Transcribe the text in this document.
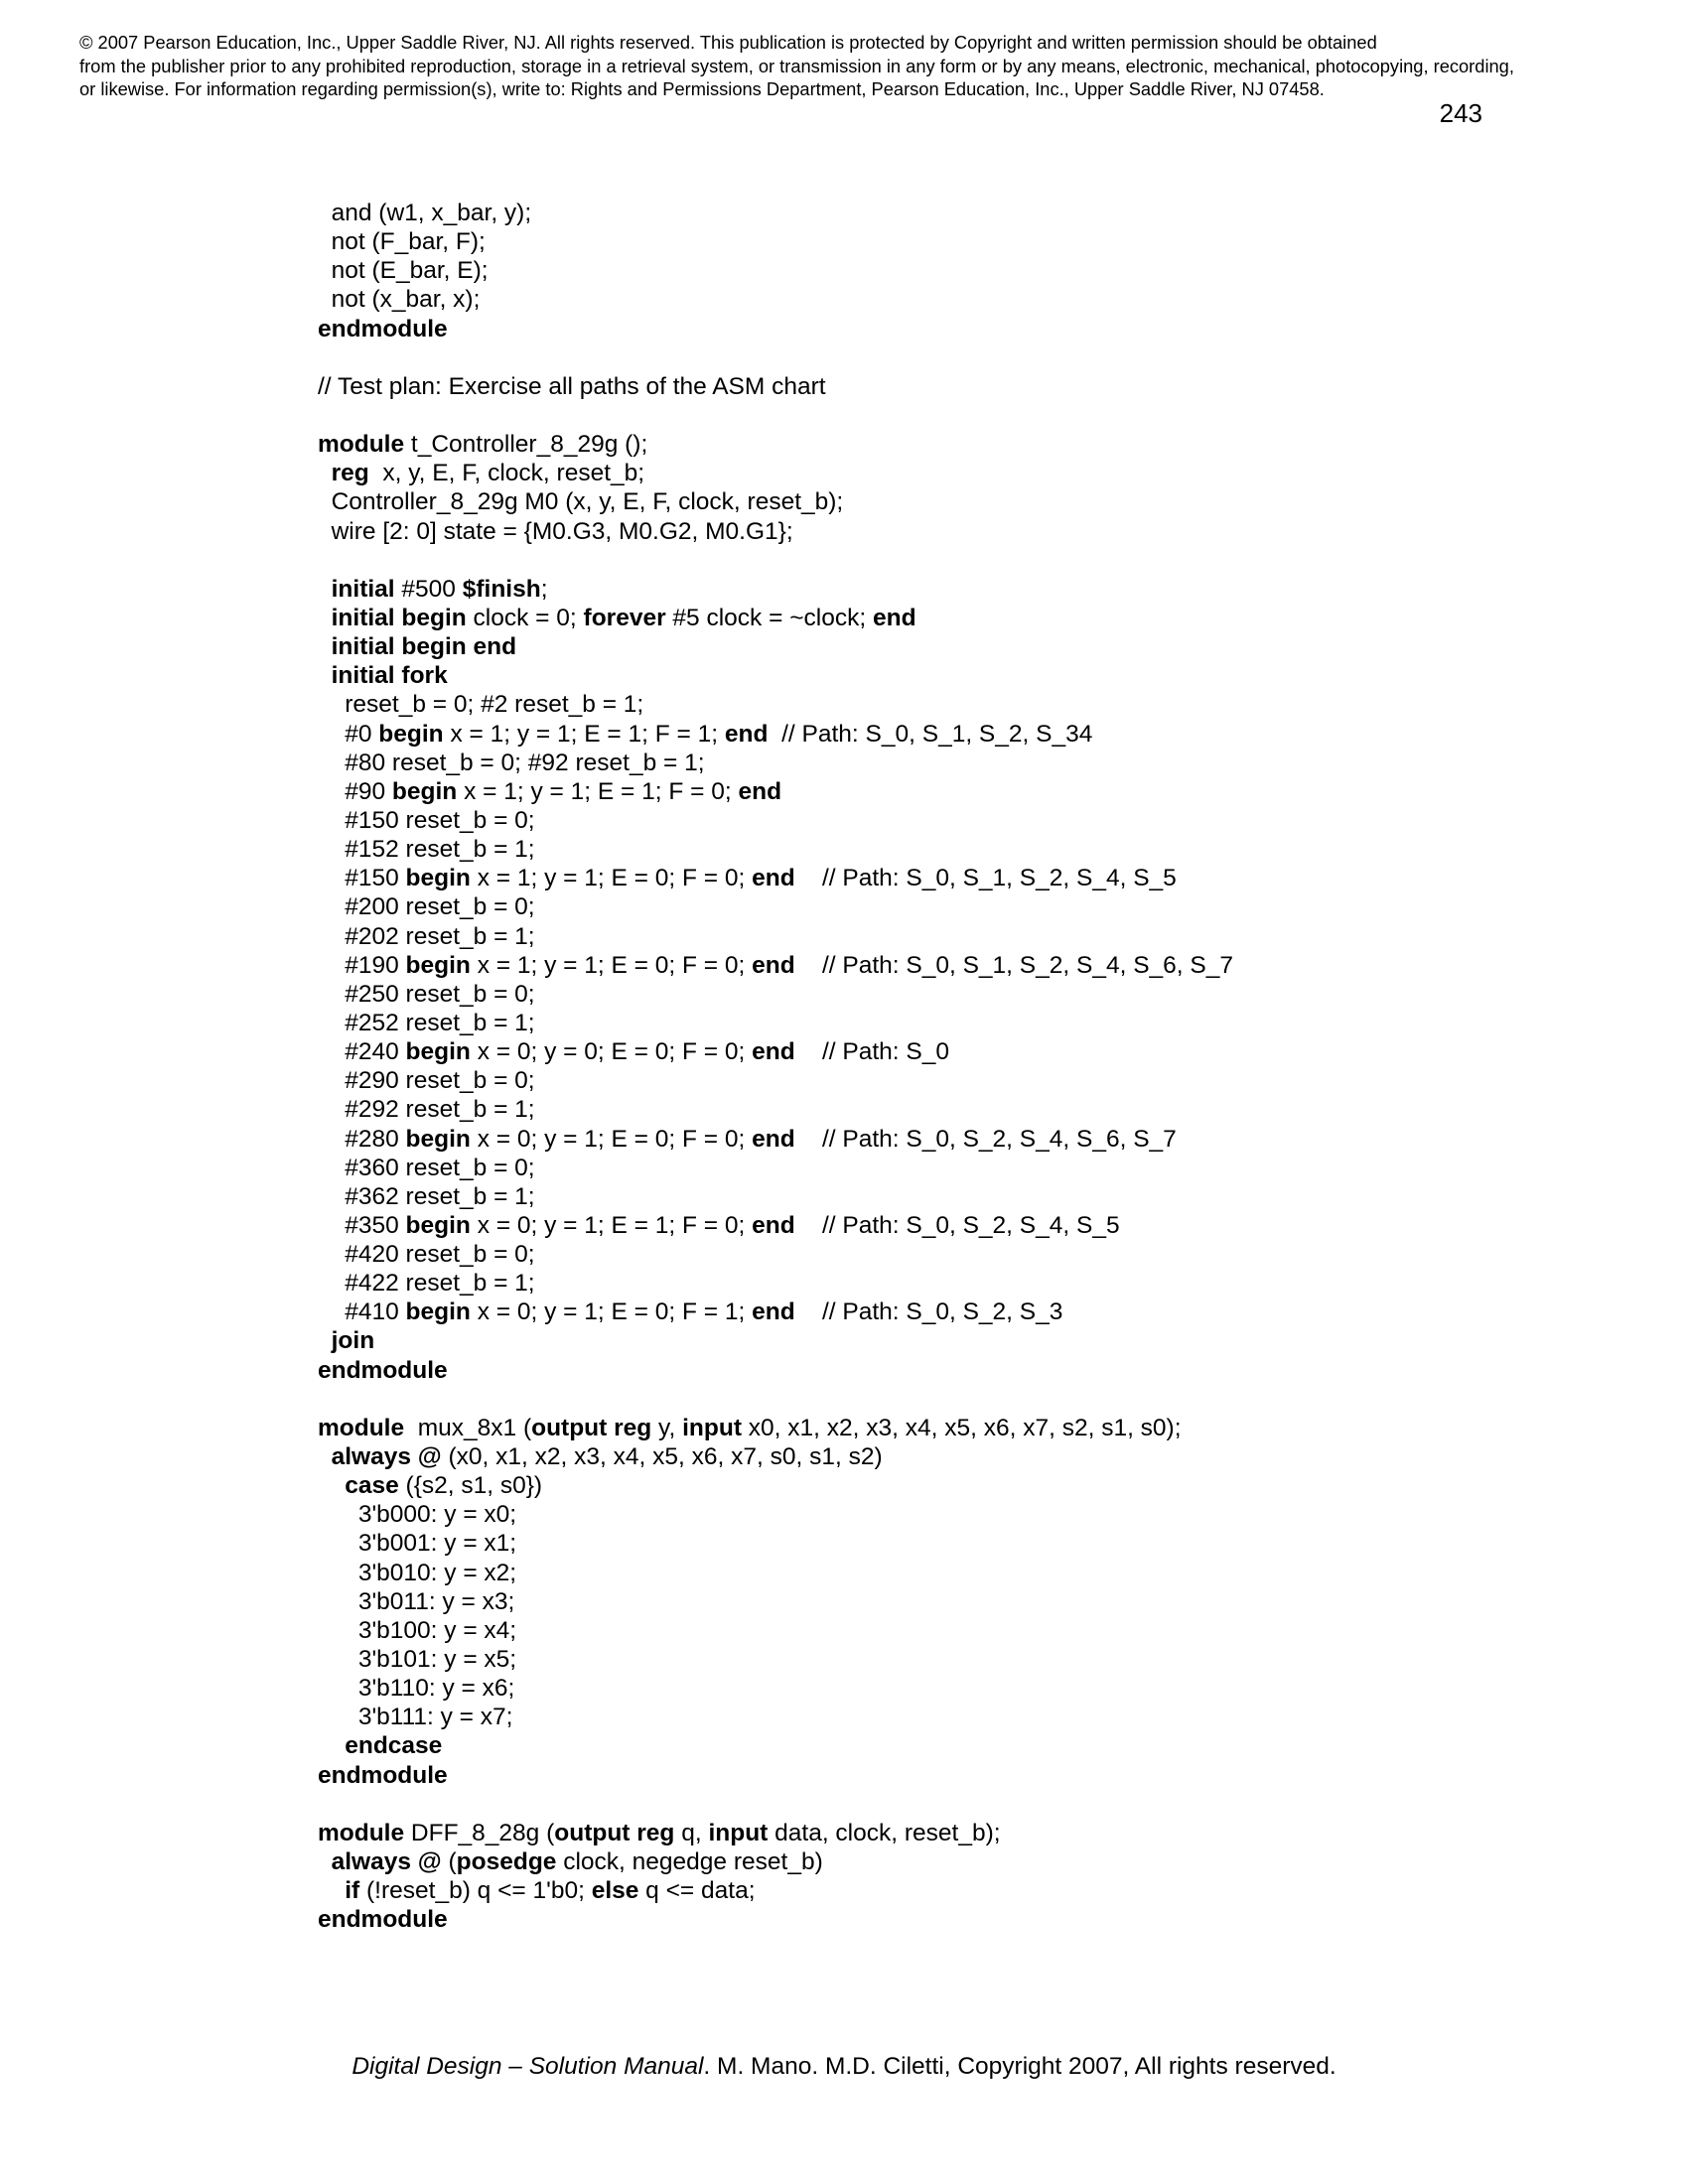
© 2007 Pearson Education, Inc., Upper Saddle River, NJ. All rights reserved. This publication is protected by Copyright and written permission should be obtained
from the publisher prior to any prohibited reproduction, storage in a retrieval system, or transmission in any form or by any means, electronic, mechanical, photocopying, recording,
or likewise. For information regarding permission(s), write to: Rights and Permissions Department, Pearson Education, Inc., Upper Saddle River, NJ 07458.
243
and (w1, x_bar, y);
not (F_bar, F);
not (E_bar, E);
not (x_bar, x);
endmodule
// Test plan: Exercise all paths of the ASM chart
module t_Controller_8_29g ();
reg  x, y, E, F, clock, reset_b;
Controller_8_29g M0 (x, y, E, F, clock, reset_b);
wire [2: 0] state = {M0.G3, M0.G2, M0.G1};
initial #500 $finish;
initial begin clock = 0; forever #5 clock = ~clock; end
initial begin end
initial fork
reset_b = 0; #2 reset_b = 1;
#0 begin x = 1; y = 1; E = 1; F = 1; end  // Path: S_0, S_1, S_2, S_34
#80 reset_b = 0; #92 reset_b = 1;
#90 begin x = 1; y = 1; E = 1; F = 0; end
#150 reset_b = 0;
#152 reset_b = 1;
#150 begin x = 1; y = 1; E = 0; F = 0; end    // Path: S_0, S_1, S_2, S_4, S_5
#200 reset_b = 0;
#202 reset_b = 1;
#190 begin x = 1; y = 1; E = 0; F = 0; end    // Path: S_0, S_1, S_2, S_4, S_6, S_7
#250 reset_b = 0;
#252 reset_b = 1;
#240 begin x = 0; y = 0; E = 0; F = 0; end    // Path: S_0
#290 reset_b = 0;
#292 reset_b = 1;
#280 begin x = 0; y = 1; E = 0; F = 0; end    // Path: S_0, S_2, S_4, S_6, S_7
#360 reset_b = 0;
#362 reset_b = 1;
#350 begin x = 0; y = 1; E = 1; F = 0; end    // Path: S_0, S_2, S_4, S_5
#420 reset_b = 0;
#422 reset_b = 1;
#410 begin x = 0; y = 1; E = 0; F = 1; end    // Path: S_0, S_2, S_3
join
endmodule
module  mux_8x1 (output reg y, input x0, x1, x2, x3, x4, x5, x6, x7, s2, s1, s0);
always @ (x0, x1, x2, x3, x4, x5, x6, x7, s0, s1, s2)
case ({s2, s1, s0})
3'b000: y = x0;
3'b001: y = x1;
3'b010: y = x2;
3'b011: y = x3;
3'b100: y = x4;
3'b101: y = x5;
3'b110: y = x6;
3'b111: y = x7;
endcase
endmodule
module DFF_8_28g (output reg q, input data, clock, reset_b);
always @ (posedge clock, negedge reset_b)
if (!reset_b) q <= 1'b0; else q <= data;
endmodule
Digital Design – Solution Manual. M. Mano. M.D. Ciletti, Copyright 2007, All rights reserved.
